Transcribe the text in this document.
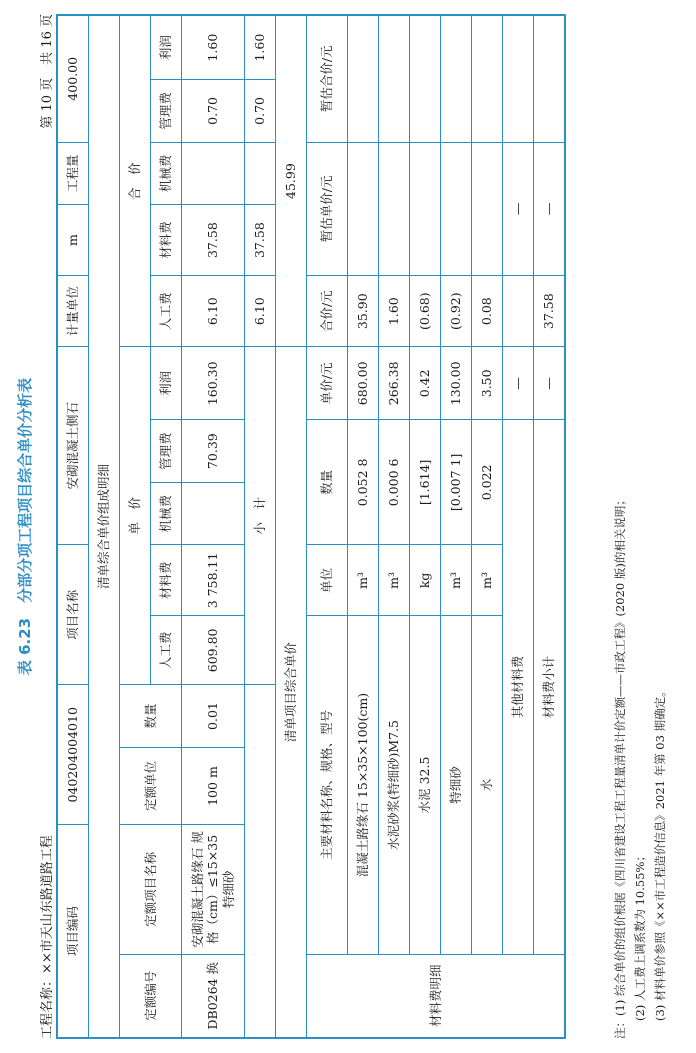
表 6.23　分部分项工程项目综合单价分析表
工程名称：××市天山东路道路工程
第 10 页　共 16 页
项目编码		040204004010		项目名称		安砌混凝土侧石			计量单位	m	工程量	400.00	
清单综合单价组成明细													
定额编号	定额项目名称	定额单位	数量	单　价					合　价				
				人工费	材料费	机械费	管理费	利润	人工费	材料费	机械费	管理费	利润
DB0264 换	安砌混凝土路缘石 规格（cm）≤15×35 特细砂	100 m	0.01	609.80	3 758.11		70.39	160.30	6.10	37.58		0.70	1.60
				小　计					6.10	37.58		0.70	1.60
清单项目综合单价									45.99				
材料费明细	主要材料名称、规格、型号				单位	数量		单价/元	合价/元	暂估单价/元		暂估合价/元	
	混凝土路缘石 15×35×100(cm)				m³	0.052 8		680.00	35.90				
	水泥砂浆(特细砂)M7.5				m³	0.000 6		266.38	1.60				
	水泥 32.5				kg	[1.614]		0.42	(0.68)				
	特细砂				m³	[0.007 1]		130.00	(0.92)				
	水				m³	0.022		3.50	0.08				
	其他材料费							—		—			
	材料费小计							—	37.58	—			
注：(1) 综合单价的组价根据《四川省建设工程工程量清单计价定额——市政工程》(2020 版)的相关说明； (2) 人工费上调系数为 10.55%； (3) 材料单价参照《××市工程造价信息》2021 年第 03 期确定。
